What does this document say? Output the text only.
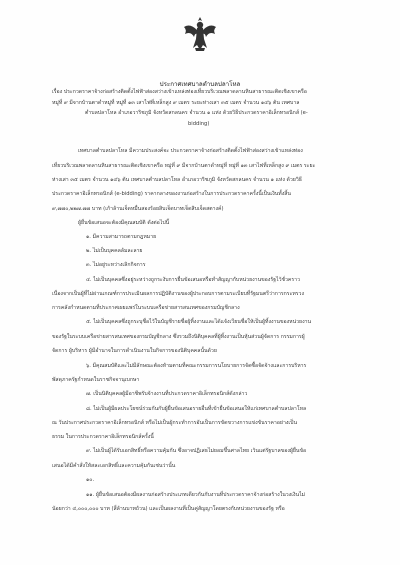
ประกาศเทศบาลตำบลปลาโหล
เรื่อง ประกวดราคาจ้างก่อสร้างติดตั้งไฟฟ้าส่องสว่างเข้าแหล่งท่องเที่ยวบริเวณพลาดลานหินสาธารณะติดเชิงเขาครือ
หมู่ที่ ๙ มีจากบ้านตาดำหมู่ที่ หมู่ที่ ๑๓ เสาไฟที่เหล็กสูง ๙ เมตร ระยะห่างเสา ๓๕ เมตร จำนวน ๑๔๖ ต้น เทศบาล
ตำบลปลาโหล อำเภอวาริชภูมิ จังหวัดสกลนคร จำนวน ๑ แห่ง ด้วยวิธีประกวดราคาอิเล็กทรอนิกส์ (e-
bidding)
เทศบาลตำบลปลาโหล มีความประสงค์จะ ประกวดราคาจ้างก่อสร้างติดตั้งไฟฟ้าส่องสว่างเข้าแหล่งท่อง
เที่ยวบริเวณพลาดลานหินสาธารณะติดเชิงเขาครือ หมู่ที่ ๙ มีจากบ้านตาดำหมู่ที่ หมู่ที่ ๑๓ เสาไฟที่เหล็กสูง ๙ เมตร ระยะ
ห่างเสา ๓๕ เมตร จำนวน ๑๔๖ ต้น เทศบาลตำบลปลาโหล อำเภอวาริชภูมิ จังหวัดสกลนคร จำนวน ๑ แห่ง ด้วยวิธี
ประกวดราคาอิเล็กทรอนิกส์ (e-bidding) ราคากลางของงานก่อสร้างในการประกวดราคาครั้งนี้เป็นเงินทั้งสิ้น
๙,๗๗๐,๒๒๗.๗๗ บาท (เก้าล้านเจ็ดหมื่นสองร้อยสิบเจ็ดบาทเจ็ดสิบเจ็ดสตางค์)
ผู้ยื่นข้อเสนอจะต้องมีคุณสมบัติ ดังต่อไปนี้
๑. มีความสามารถตามกฎหมาย
๒. ไม่เป็นบุคคลล้มละลาย
๓. ไม่อยู่ระหว่างเลิกกิจการ
๔. ไม่เป็นบุคคลซึ่งอยู่ระหว่างถูกระงับการยื่นข้อเสนอหรือทำสัญญากับหน่วยงานของรัฐไว้ชั่วคราว
เนื่องจากเป็นผู้ที่ไม่ผ่านเกณฑ์การประเมินผลการปฏิบัติงานของผู้ประกอบการตามระเบียบที่รัฐมนตรีว่าการกระทรวง
การคลังกำหนดตามที่ประกาศเผยแพร่ในระบบเครือข่ายสารสนเทศของกรมบัญชีกลาง
๕. ไม่เป็นบุคคลซึ่งถูกระบุชื่อไว้ในบัญชีรายชื่อผู้ทิ้งงานและได้แจ้งเวียนชื่อให้เป็นผู้ทิ้งงานของหน่วยงาน
ของรัฐในระบบเครือข่ายสารสนเทศของกรมบัญชีกลาง ซึ่งรวมถึงนิติบุคคลที่ผู้ทิ้งงานเป็นหุ้นส่วนผู้จัดการ กรรมการผู้
จัดการ ผู้บริหาร ผู้มีอำนาจในการดำเนินงานในกิจการของนิติบุคคลนั้นด้วย
๖. มีคุณสมบัติและไม่มีลักษณะต้องห้ามตามที่คณะกรรมการนโยบายการจัดซื้อจัดจ้างและการบริหาร
พัสดุภาครัฐกำหนดในราชกิจจานุเบกษา
๗. เป็นนิติบุคคลผู้มีอาชีพรับจ้างงานที่ประกวดราคาอิเล็กทรอนิกส์ดังกล่าว
๘. ไม่เป็นผู้มีผลประโยชน์ร่วมกันกับผู้ยื่นข้อเสนอรายอื่นที่เข้ายื่นข้อเสนอให้แก่เทศบาลตำบลปลาโหล
ณ วันประกาศประกวดราคาอิเล็กทรอนิกส์ หรือไม่เป็นผู้กระทำการอันเป็นการขัดขวางการแข่งขันราคาอย่างเป็น
ธรรม ในการประกวดราคาอิเล็กทรอนิกส์ครั้งนี้
๙. ไม่เป็นผู้ได้รับเอกสิทธิ์หรือความคุ้มกัน ซึ่งอาจปฏิเสธไม่ยอมขึ้นศาลไทย เว้นแต่รัฐบาลของผู้ยื่นข้อ
เสนอได้มีคำสั่งให้สละเอกสิทธิ์และความคุ้มกันเช่นว่านั้น
๑๐.
๑๑. ผู้ยื่นข้อเสนอต้องมีผลงานก่อสร้างประเภทเดียวกันกับงานที่ประกวดราคาจ้างก่อสร้างในวงเงินไม่
น้อยกว่า ๔,๐๐๐,๐๐๐ บาท (สี่ล้านบาทถ้วน) และเป็นผลงานที่เป็นคู่สัญญาโดยตรงกับหน่วยงานของรัฐ หรือ
